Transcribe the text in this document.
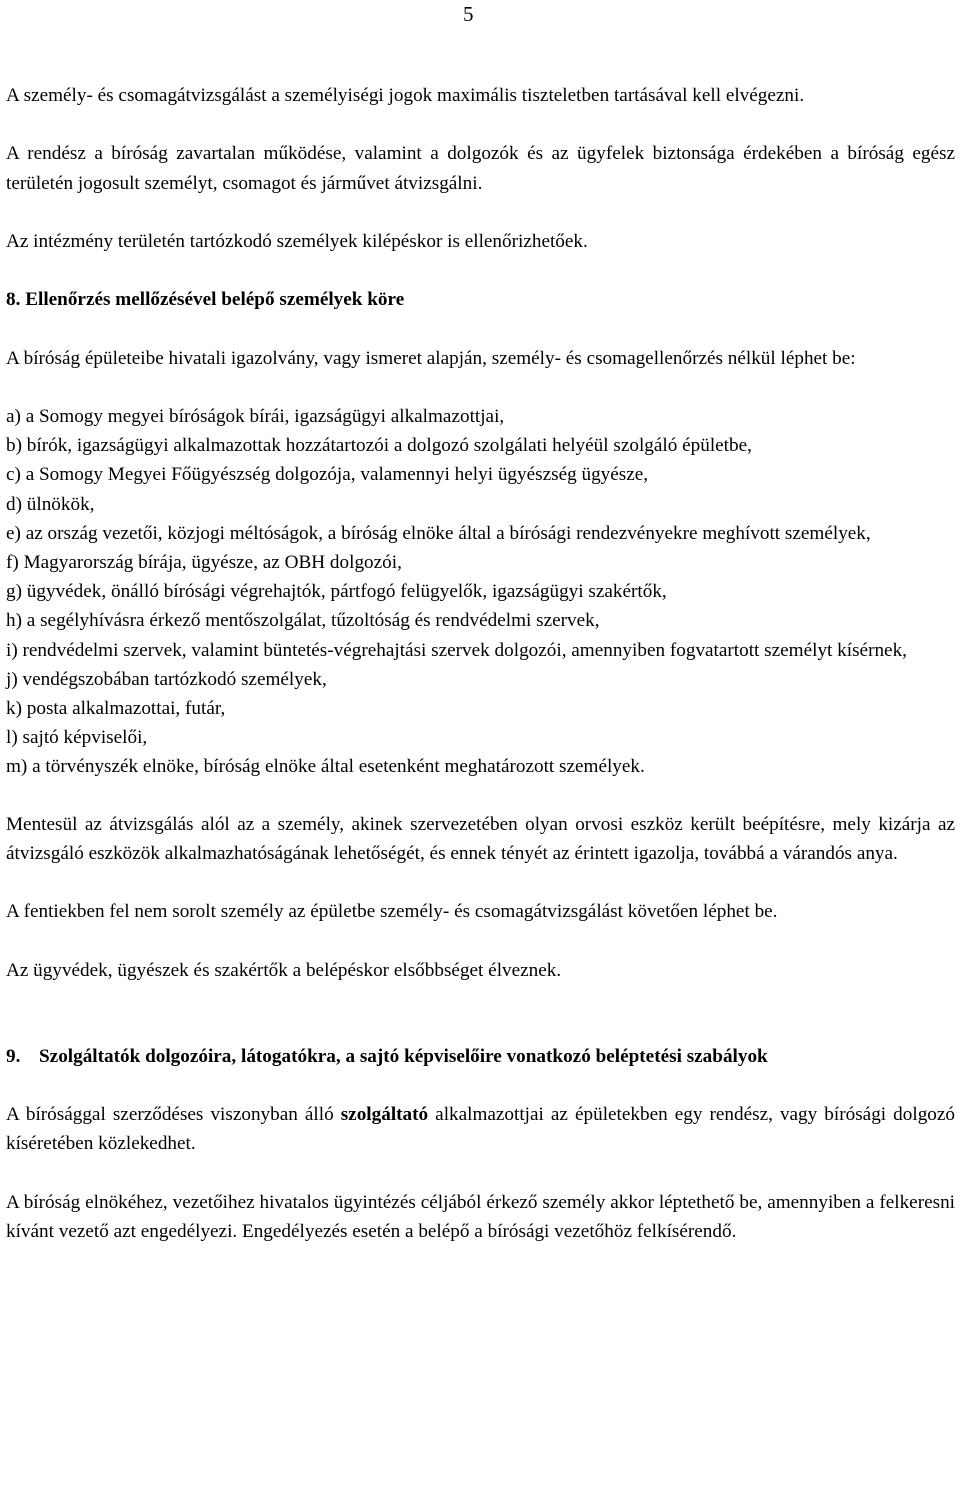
5

A személy- és csomagátvizsgálást a személyiségi jogok maximális tiszteletben tartásával kell elvégezni.

A rendész a bíróság zavartalan működése, valamint a dolgozók és az ügyfelek biztonsága érdekében a bíróság egész területén jogosult személyt, csomagot és járművet átvizsgálni.

Az intézmény területén tartózkodó személyek kilépéskor is ellenőrizhetőek.

8. Ellenőrzés mellőzésével belépő személyek köre

A bíróság épületeibe hivatali igazolvány, vagy ismeret alapján, személy- és csomagellenőrzés nélkül léphet be:

a) a Somogy megyei bíróságok bírái, igazságügyi alkalmazottjai,

b) bírók, igazságügyi alkalmazottak hozzátartozói a dolgozó szolgálati helyéül szolgáló épületbe,

c) a Somogy Megyei Főügyészség dolgozója, valamennyi helyi ügyészség ügyésze,

d) ülnökök,

e) az ország vezetői, közjogi méltóságok, a bíróság elnöke által a bírósági rendezvényekre meghívott személyek,

f) Magyarország bírája, ügyésze, az OBH dolgozói,

g) ügyvédek, önálló bírósági végrehajtók, pártfogó felügyelők, igazságügyi szakértők,

h) a segélyhívásra érkező mentőszolgálat, tűzoltóság és rendvédelmi szervek,

i) rendvédelmi szervek, valamint büntetés-végrehajtási szervek dolgozói, amennyiben fogvatartott személyt kísérnek,

j) vendégszobában tartózkodó személyek,

k) posta alkalmazottai, futár,

l) sajtó képviselői,

m) a törvényszék elnöke, bíróság elnöke által esetenként meghatározott személyek.

Mentesül az átvizsgálás alól az a személy, akinek szervezetében olyan orvosi eszköz került beépítésre, mely kizárja az átvizsgáló eszközök alkalmazhatóságának lehetőségét, és ennek tényét az érintett igazolja, továbbá a várandós anya.

A fentiekben fel nem sorolt személy az épületbe személy- és csomagátvizsgálást követően léphet be.

Az ügyvédek, ügyészek és szakértők a belépéskor elsőbbséget élveznek.

9. Szolgáltatók dolgozóira, látogatókra, a sajtó képviselőire vonatkozó beléptetési szabályok

A bírósággal szerződéses viszonyban álló szolgáltató alkalmazottjai az épületekben egy rendész, vagy bírósági dolgozó kíséretében közlekedhet.

A bíróság elnökéhez, vezetőihez hivatalos ügyintézés céljából érkező személy akkor léptethető be, amennyiben a felkeresni kívánt vezető azt engedélyezi. Engedélyezés esetén a belépő a bírósági vezetőhöz felkísérendő.
